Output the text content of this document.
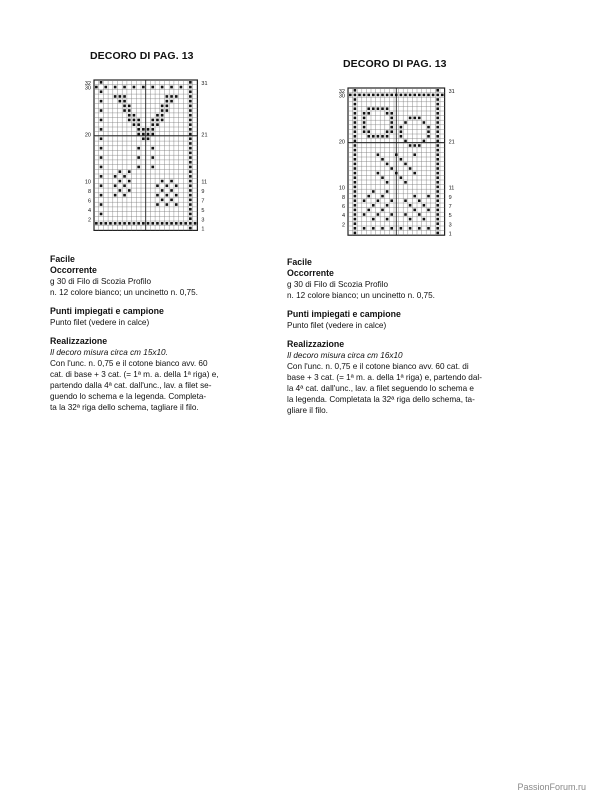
DECORO DI PAG. 13
32
30
20
10
8
6
4
2
31
21
11
9
7
5
3
1
Facile
Occorrente
g 30 di Filo di Scozia Profilo
n. 12 colore bianco; un uncinetto n. 0,75.
Punti impiegati e campione
Punto filet (vedere in calce)
Realizzazione
Il decoro misura circa cm 15x10.
Con l'unc. n. 0,75 e il cotone bianco avv. 60
cat. di base + 3 cat. (= 1ª m. a. della 1ª riga) e,
partendo dalla 4ª cat. dall'unc., lav. a filet se-
guendo lo schema e la legenda. Completa-
ta la 32ª riga dello schema, tagliare il filo.
DECORO DI PAG. 13
32
30
20
10
8
6
4
2
31
21
11
9
7
5
3
1
Facile
Occorrente
g 30 di Filo di Scozia Profilo
n. 12 colore bianco; un uncinetto n. 0,75.
Punti impiegati e campione
Punto filet (vedere in calce)
Realizzazione
Il decoro misura circa cm 16x10
Con l'unc. n. 0,75 e il cotone bianco avv. 60 cat. di
base + 3 cat. (= 1ª m. a. della 1ª riga) e, partendo dal-
la 4ª cat. dall'unc., lav. a filet seguendo lo schema e
la legenda. Completata la 32ª riga dello schema, ta-
gliare il filo.
PassionForum.ru
